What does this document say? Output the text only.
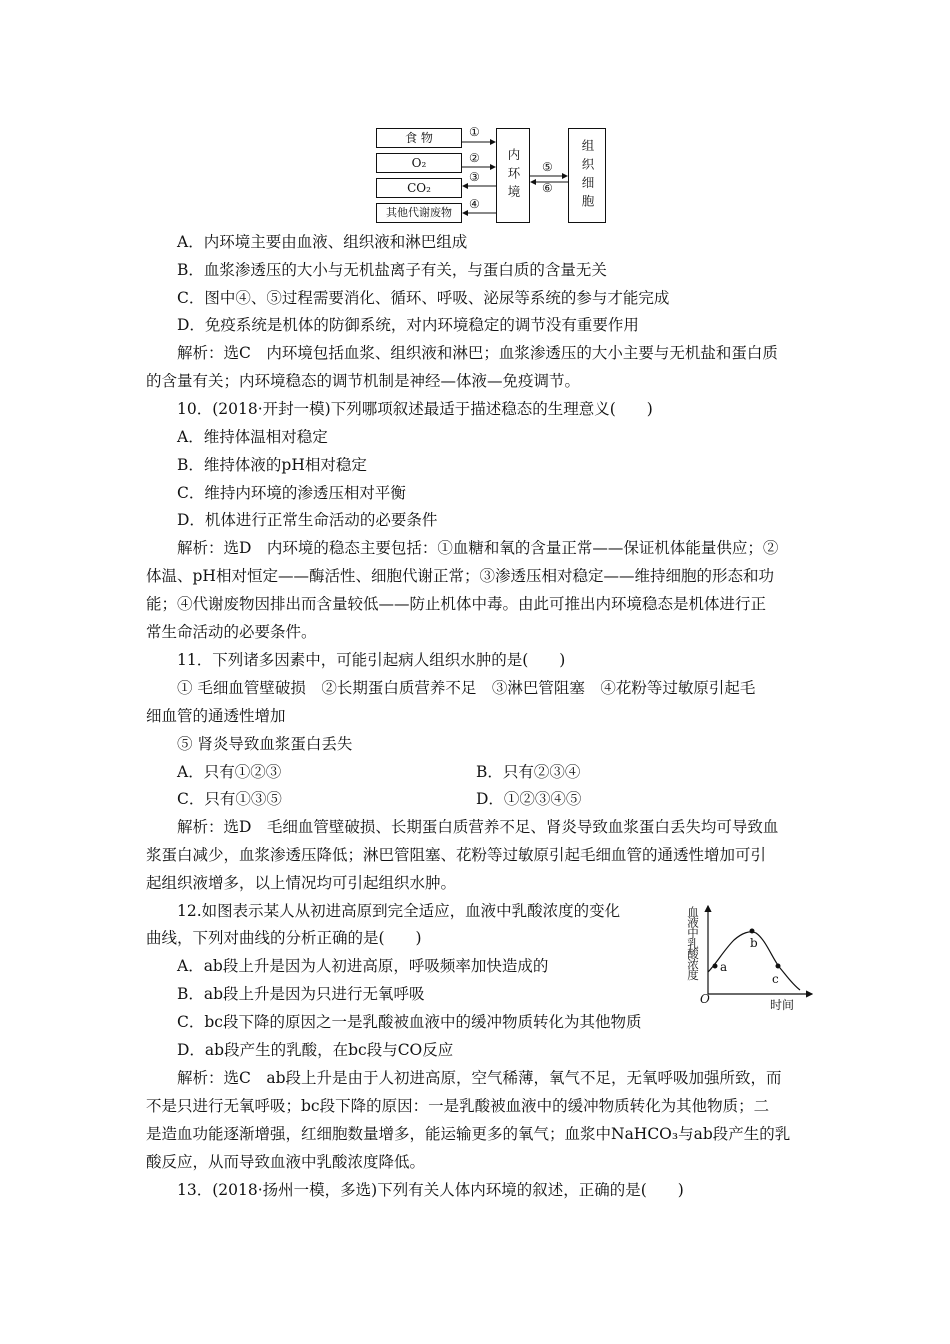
食 物
O₂
CO₂
其他代谢废物
内环境	组织细胞
①
②
③
④
⑤
⑥
A．内环境主要由血液、组织液和淋巴组成
B．血浆渗透压的大小与无机盐离子有关，与蛋白质的含量无关
C．图中④、⑤过程需要消化、循环、呼吸、泌尿等系统的参与才能完成
D．免疫系统是机体的防御系统，对内环境稳定的调节没有重要作用
解析：选C　内环境包括血浆、组织液和淋巴；血浆渗透压的大小主要与无机盐和蛋白质
的含量有关；内环境稳态的调节机制是神经—体液—免疫调节。
10．(2018·开封一模)下列哪项叙述最适于描述稳态的生理意义(　　)
A．维持体温相对稳定
B．维持体液的pH相对稳定
C．维持内环境的渗透压相对平衡
D．机体进行正常生命活动的必要条件
解析：选D　内环境的稳态主要包括：①血糖和氧的含量正常——保证机体能量供应；②
体温、pH相对恒定——酶活性、细胞代谢正常；③渗透压相对稳定——维持细胞的形态和功
能；④代谢废物因排出而含量较低——防止机体中毒。由此可推出内环境稳态是机体进行正
常生命活动的必要条件。
11．下列诸多因素中，可能引起病人组织水肿的是(　　)
① 毛细血管壁破损　②长期蛋白质营养不足　③淋巴管阻塞　④花粉等过敏原引起毛
细血管的通透性增加
⑤ 肾炎导致血浆蛋白丢失
A．只有①②③	B．只有②③④
C．只有①③⑤	D．①②③④⑤
解析：选D　毛细血管壁破损、长期蛋白质营养不足、肾炎导致血浆蛋白丢失均可导致血
浆蛋白减少，血浆渗透压降低；淋巴管阻塞、花粉等过敏原引起毛细血管的通透性增加可引
起组织液增多，以上情况均可引起组织水肿。
12.如图表示某人从初进高原到完全适应，血液中乳酸浓度的变化
曲线，下列对曲线的分析正确的是(　　)
A．ab段上升是因为人初进高原，呼吸频率加快造成的
B．ab段上升是因为只进行无氧呼吸
C．bc段下降的原因之一是乳酸被血液中的缓冲物质转化为其他物质
D．ab段产生的乳酸，在bc段与CO反应
解析：选C　ab段上升是由于人初进高原，空气稀薄，氧气不足，无氧呼吸加强所致，而
不是只进行无氧呼吸；bc段下降的原因：一是乳酸被血液中的缓冲物质转化为其他物质；二
是造血功能逐渐增强，红细胞数量增多，能运输更多的氧气；血浆中NaHCO₃与ab段产生的乳
酸反应，从而导致血液中乳酸浓度降低。
血液中乳酸浓度 a
b
c
O	时间
13．(2018·扬州一模，多选)下列有关人体内环境的叙述，正确的是(　　)
